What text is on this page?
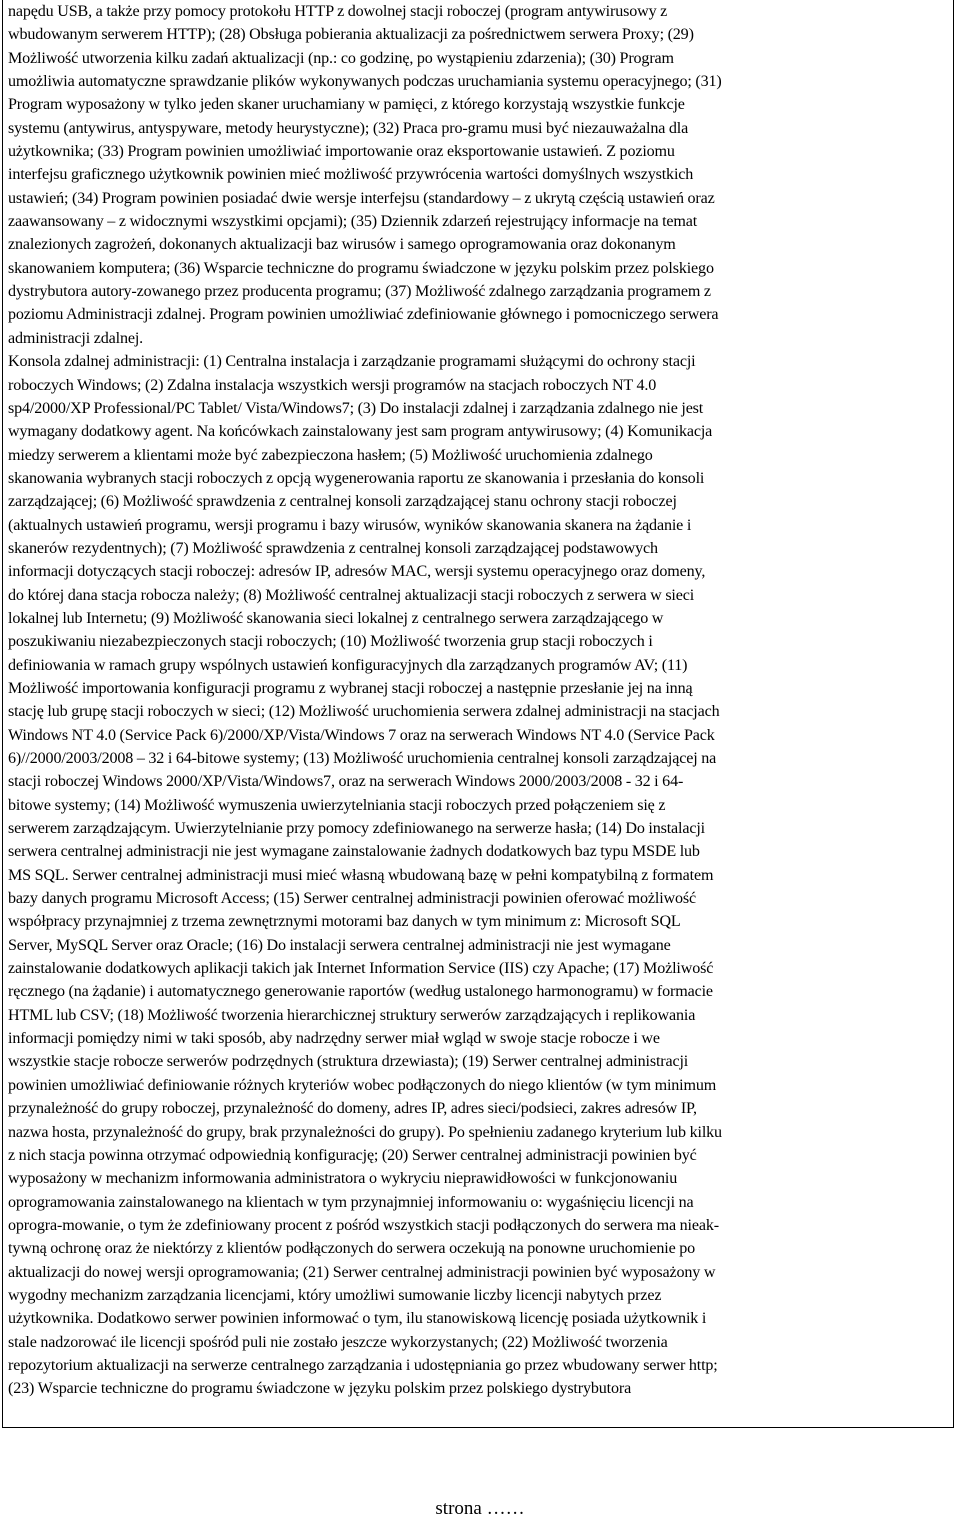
napędu USB, a także przy pomocy protokołu HTTP z dowolnej stacji roboczej (program antywirusowy z
wbudowanym serwerem HTTP); (28) Obsługa pobierania aktualizacji za pośrednictwem serwera Proxy; (29)
Możliwość utworzenia kilku zadań aktualizacji (np.: co godzinę, po wystąpieniu zdarzenia); (30) Program
umożliwia automatyczne sprawdzanie plików wykonywanych podczas uruchamiania systemu operacyjnego; (31)
Program wyposażony w tylko jeden skaner uruchamiany w pamięci, z którego korzystają wszystkie funkcje
systemu (antywirus, antyspyware, metody heurystyczne); (32) Praca pro-gramu musi być niezauważalna dla
użytkownika; (33) Program powinien umożliwiać importowanie oraz eksportowanie ustawień. Z poziomu
interfejsu graficznego użytkownik powinien mieć możliwość przywrócenia wartości domyślnych wszystkich
ustawień; (34) Program powinien posiadać dwie wersje interfejsu (standardowy – z ukrytą częścią ustawień oraz
zaawansowany – z widocznymi wszystkimi opcjami); (35) Dziennik zdarzeń rejestrujący informacje na temat
znalezionych zagrożeń, dokonanych aktualizacji baz wirusów i samego oprogramowania oraz dokonanym
skanowaniem komputera; (36) Wsparcie techniczne do programu świadczone w języku polskim przez polskiego
dystrybutora autory-zowanego przez producenta programu; (37) Możliwość zdalnego zarządzania programem z
poziomu Administracji zdalnej. Program powinien umożliwiać zdefiniowanie głównego i pomocniczego serwera
administracji zdalnej.
Konsola zdalnej administracji: (1) Centralna instalacja i zarządzanie programami służącymi do ochrony stacji
roboczych Windows; (2) Zdalna instalacja wszystkich wersji programów na stacjach roboczych NT 4.0
sp4/2000/XP Professional/PC Tablet/ Vista/Windows7; (3) Do instalacji zdalnej i zarządzania zdalnego nie jest
wymagany dodatkowy agent. Na końcówkach zainstalowany jest sam program antywirusowy; (4) Komunikacja
miedzy serwerem a klientami może być zabezpieczona hasłem; (5) Możliwość uruchomienia zdalnego
skanowania wybranych stacji roboczych z opcją wygenerowania raportu ze skanowania i przesłania do konsoli
zarządzającej; (6) Możliwość sprawdzenia z centralnej konsoli zarządzającej stanu ochrony stacji roboczej
(aktualnych ustawień programu, wersji programu i bazy wirusów, wyników skanowania skanera na żądanie i
skanerów rezydentnych); (7) Możliwość sprawdzenia z centralnej konsoli zarządzającej podstawowych
informacji dotyczących stacji roboczej: adresów IP, adresów MAC, wersji systemu operacyjnego oraz domeny,
do której dana stacja robocza należy; (8) Możliwość centralnej aktualizacji stacji roboczych z serwera w sieci
lokalnej lub Internetu; (9) Możliwość skanowania sieci lokalnej z centralnego serwera zarządzającego w
poszukiwaniu niezabezpieczonych stacji roboczych; (10) Możliwość tworzenia grup stacji roboczych i
definiowania w ramach grupy wspólnych ustawień konfiguracyjnych dla zarządzanych programów AV; (11)
Możliwość importowania konfiguracji programu z wybranej stacji roboczej a następnie przesłanie jej na inną
stację lub grupę stacji roboczych w sieci; (12) Możliwość uruchomienia serwera zdalnej administracji na stacjach
Windows NT 4.0 (Service Pack 6)/2000/XP/Vista/Windows 7 oraz na serwerach Windows NT 4.0 (Service Pack
6)//2000/2003/2008 – 32 i 64-bitowe systemy; (13) Możliwość uruchomienia centralnej konsoli zarządzającej na
stacji roboczej Windows 2000/XP/Vista/Windows7, oraz na serwerach Windows 2000/2003/2008 - 32 i 64-
bitowe systemy; (14) Możliwość wymuszenia uwierzytelniania stacji roboczych przed połączeniem się z
serwerem zarządzającym. Uwierzytelnianie przy pomocy zdefiniowanego na serwerze hasła; (14) Do instalacji
serwera centralnej administracji nie jest wymagane zainstalowanie żadnych dodatkowych baz typu MSDE lub
MS SQL. Serwer centralnej administracji musi mieć własną wbudowaną bazę w pełni kompatybilną z formatem
bazy danych programu Microsoft Access; (15) Serwer centralnej administracji powinien oferować możliwość
współpracy przynajmniej z trzema zewnętrznymi motorami baz danych w tym minimum z: Microsoft SQL
Server, MySQL Server oraz Oracle; (16) Do instalacji serwera centralnej administracji nie jest wymagane
zainstalowanie dodatkowych aplikacji takich jak Internet Information Service (IIS) czy Apache; (17) Możliwość
ręcznego (na żądanie) i automatycznego generowanie raportów (według ustalonego harmonogramu) w formacie
HTML lub CSV; (18) Możliwość tworzenia hierarchicznej struktury serwerów zarządzających i replikowania
informacji pomiędzy nimi w taki sposób, aby nadrzędny serwer miał wgląd w swoje stacje robocze i we
wszystkie stacje robocze serwerów podrzędnych (struktura drzewiasta); (19) Serwer centralnej administracji
powinien umożliwiać definiowanie różnych kryteriów wobec podłączonych do niego klientów (w tym minimum
przynależność do grupy roboczej, przynależność do domeny, adres IP, adres sieci/podsieci, zakres adresów IP,
nazwa hosta, przynależność do grupy, brak przynależności do grupy). Po spełnieniu zadanego kryterium lub kilku
z nich stacja powinna otrzymać odpowiednią konfigurację; (20) Serwer centralnej administracji powinien być
wyposażony w mechanizm informowania administratora o wykryciu nieprawidłowości w funkcjonowaniu
oprogramowania zainstalowanego na klientach w tym przynajmniej informowaniu o: wygaśnięciu licencji na
oprogra-mowanie, o tym że zdefiniowany procent z pośród wszystkich stacji podłączonych do serwera ma nieak-
tywną ochronę oraz że niektórzy z klientów podłączonych do serwera oczekują na ponowne uruchomienie po
aktualizacji do nowej wersji oprogramowania; (21) Serwer centralnej administracji powinien być wyposażony w
wygodny mechanizm zarządzania licencjami, który umożliwi sumowanie liczby licencji nabytych przez
użytkownika. Dodatkowo serwer powinien informować o tym, ilu stanowiskową licencję posiada użytkownik i
stale nadzorować ile licencji spośród puli nie zostało jeszcze wykorzystanych; (22) Możliwość tworzenia
repozytorium aktualizacji na serwerze centralnego zarządzania i udostępniania go przez wbudowany serwer http;
(23) Wsparcie techniczne do programu świadczone w języku polskim przez polskiego dystrybutora
strona ……
